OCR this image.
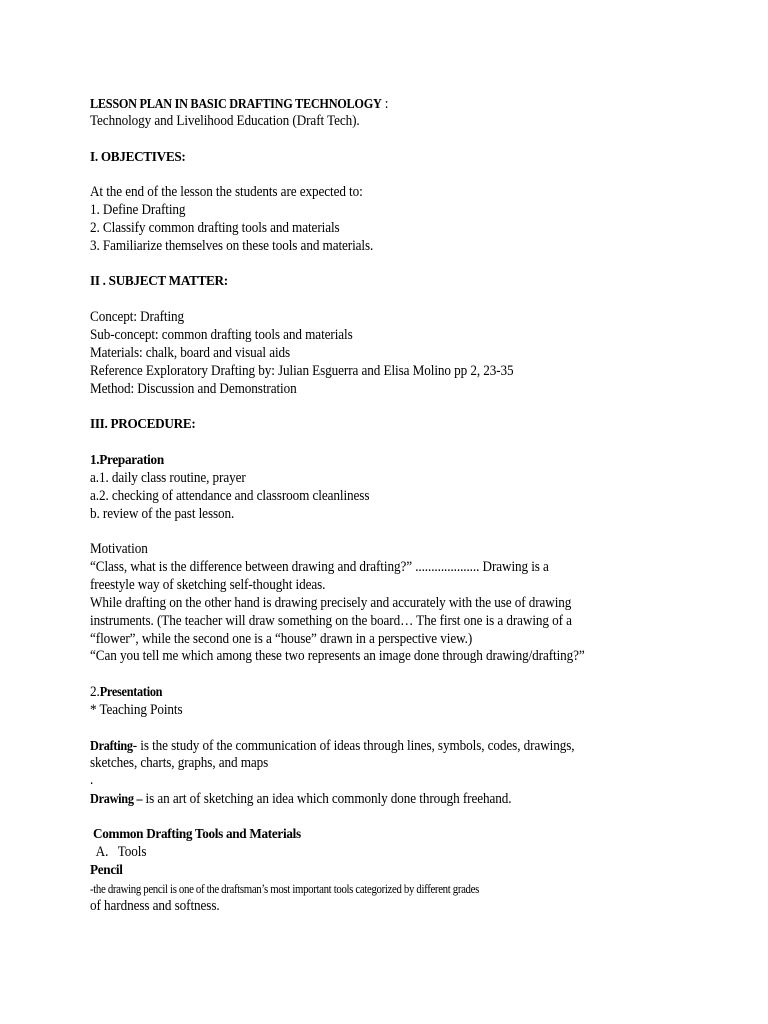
LESSON PLAN IN BASIC DRAFTING TECHNOLOGY :

Technology and Livelihood Education (Draft Tech).

I. OBJECTIVES:

At the end of the lesson the students are expected to:

1. Define Drafting

2. Classify common drafting tools and materials

3. Familiarize themselves on these tools and materials.

II . SUBJECT MATTER:

Concept: Drafting

Sub-concept: common drafting tools and materials

Materials: chalk, board and visual aids

Reference Exploratory Drafting by: Julian Esguerra and Elisa Molino pp 2, 23-35

Method: Discussion and Demonstration

III. PROCEDURE:

1.Preparation

a.1. daily class routine, prayer

a.2. checking of attendance and classroom cleanliness

b. review of the past lesson.

Motivation

“Class, what is the difference between drawing and drafting?” .................... Drawing is a

freestyle way of sketching self-thought ideas.

While drafting on the other hand is drawing precisely and accurately with the use of drawing

instruments. (The teacher will draw something on the board… The first one is a drawing of a

“flower”, while the second one is a “house” drawn in a perspective view.)

“Can you tell me which among these two represents an image done through drawing/drafting?”

2.Presentation

* Teaching Points

Drafting- is the study of the communication of ideas through lines, symbols, codes, drawings,

sketches, charts, graphs, and maps

.

Drawing – is an art of sketching an idea which commonly done through freehand.

Common Drafting Tools and Materials

A.   Tools

Pencil

-the drawing pencil is one of the draftsman’s most important tools categorized by different grades

of hardness and softness.
